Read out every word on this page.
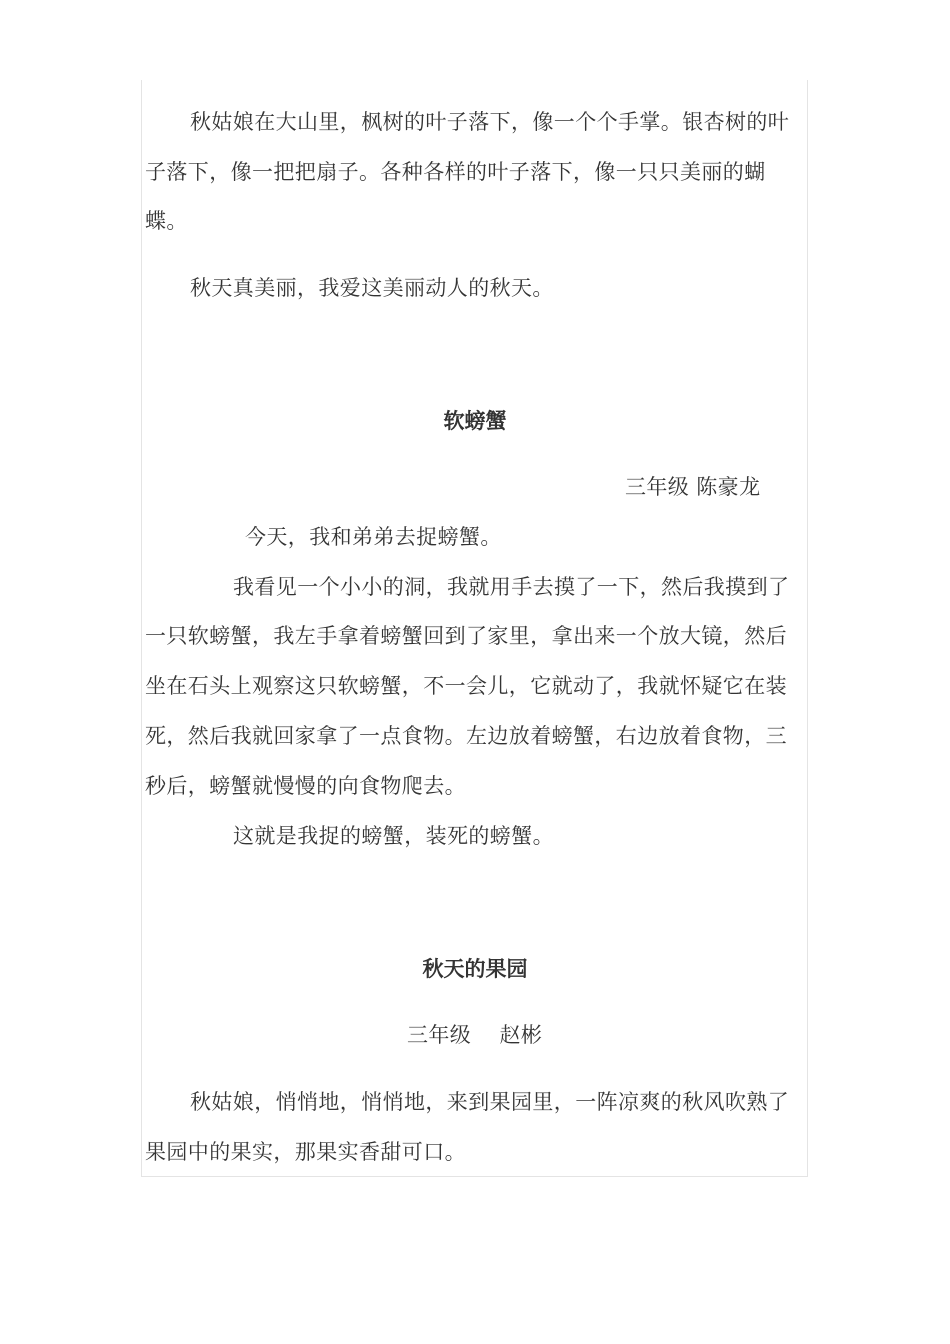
秋姑娘在大山里，枫树的叶子落下，像一个个手掌。银杏树的叶
子落下，像一把把扇子。各种各样的叶子落下，像一只只美丽的蝴
蝶。
秋天真美丽，我爱这美丽动人的秋天。
软螃蟹
三年级 陈豪龙
今天，我和弟弟去捉螃蟹。
我看见一个小小的洞，我就用手去摸了一下，然后我摸到了
一只软螃蟹，我左手拿着螃蟹回到了家里，拿出来一个放大镜，然后
坐在石头上观察这只软螃蟹，不一会儿，它就动了，我就怀疑它在装
死，然后我就回家拿了一点食物。左边放着螃蟹，右边放着食物，三
秒后，螃蟹就慢慢的向食物爬去。
这就是我捉的螃蟹，装死的螃蟹。
秋天的果园
三年级    赵彬
秋姑娘，悄悄地，悄悄地，来到果园里，一阵凉爽的秋风吹熟了
果园中的果实，那果实香甜可口。
